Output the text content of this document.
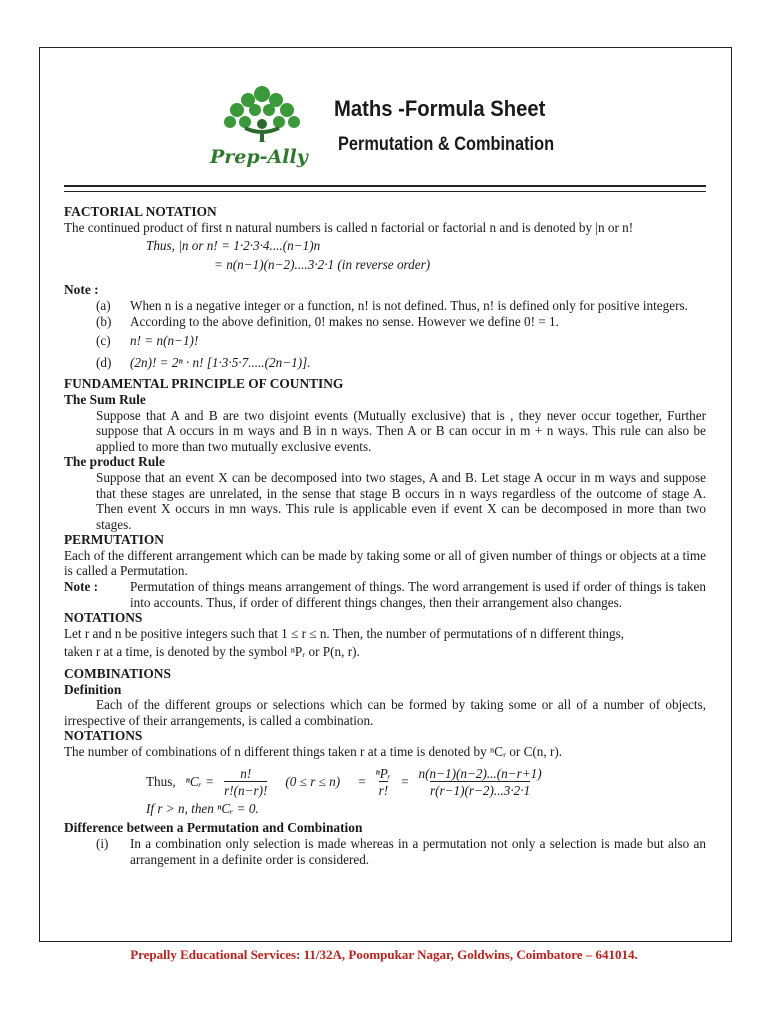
Prep-Ally
Maths -Formula Sheet
Permutation & Combination
FACTORIAL NOTATION

The continued product of first n natural numbers is called n factorial or factorial n and is denoted by |n or n!

Thus, |n or n! = 1·2·3·4....(n−1)n

= n(n−1)(n−2)....3·2·1 (in reverse order)

Note :
(a)	When n is a negative integer or a function, n! is not defined. Thus, n! is defined only for positive integers.
(b)	According to the above definition, 0! makes no sense. However we define 0! = 1.
(c)	n! = n(n−1)!
(d)	(2n)! = 2ⁿ · n! [1·3·5·7.....(2n−1)].
FUNDAMENTAL PRINCIPLE OF COUNTING
The Sum Rule

Suppose that A and B are two disjoint events (Mutually exclusive) that is , they never occur together, Further suppose that A occurs in m ways and B in n ways. Then A or B can occur in m + n ways. This rule can also be applied to more than two mutually exclusive events.

The product Rule

Suppose that an event X can be decomposed into two stages, A and B. Let stage A occur in m ways and suppose that these stages are unrelated, in the sense that stage B occurs in n ways regardless of the outcome of stage A. Then event X occurs in mn ways. This rule is applicable even if event X can be decomposed in more than two stages.

PERMUTATION

Each of the different arrangement which can be made by taking some or all of given number of things or objects at a time is called a Permutation.

Note :	Permutation of things means arrangement of things. The word arrangement is used if order of things is taken into accounts. Thus, if order of different things changes, then their arrangement also changes.
NOTATIONS

Let r and n be positive integers such that 1 ≤ r ≤ n. Then, the number of permutations of n different things,

taken r at a time, is denoted by the symbol ⁿPᵣ or P(n, r).

COMBINATIONS
Definition

Each of the different groups or selections which can be formed by taking some or all of a number of objects, irrespective of their arrangements, is called a combination.

NOTATIONS

The number of combinations of n different things taken r at a time is denoted by ⁿCᵣ or C(n, r).

Thus, ⁿCᵣ = $\frac{n!}{r!(n-r)!} (0 \le r \le n)$ =
ⁿPᵣ
r!
= $\frac{n(n-1)(n-2)...(n-r+1)}{r(r-1)(r-2)...3\cdot 2\cdot 1}$

If r > n, then ⁿCᵣ = 0.

Difference between a Permutation and Combination
(i)	In a combination only selection is made whereas in a permutation not only a selection is made but also an arrangement in a definite order is considered.
Prepally Educational Services: 11/32A, Poompukar Nagar, Goldwins, Coimbatore – 641014.
